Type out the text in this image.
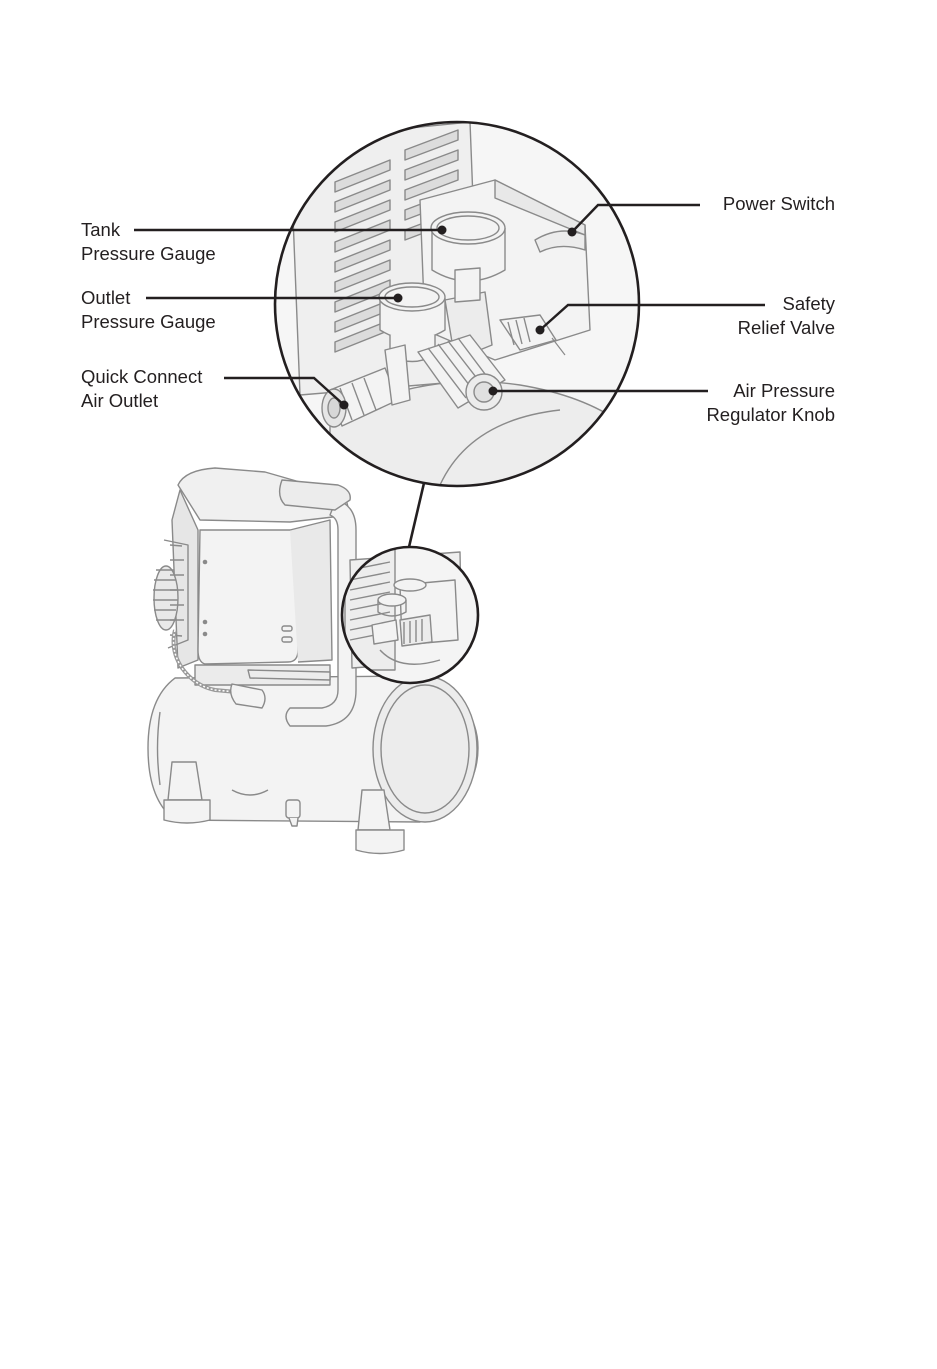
Tank
Pressure Gauge
Outlet
Pressure Gauge
Quick Connect
Air Outlet
Power Switch
Safety
Relief Valve
Air Pressure
Regulator Knob
